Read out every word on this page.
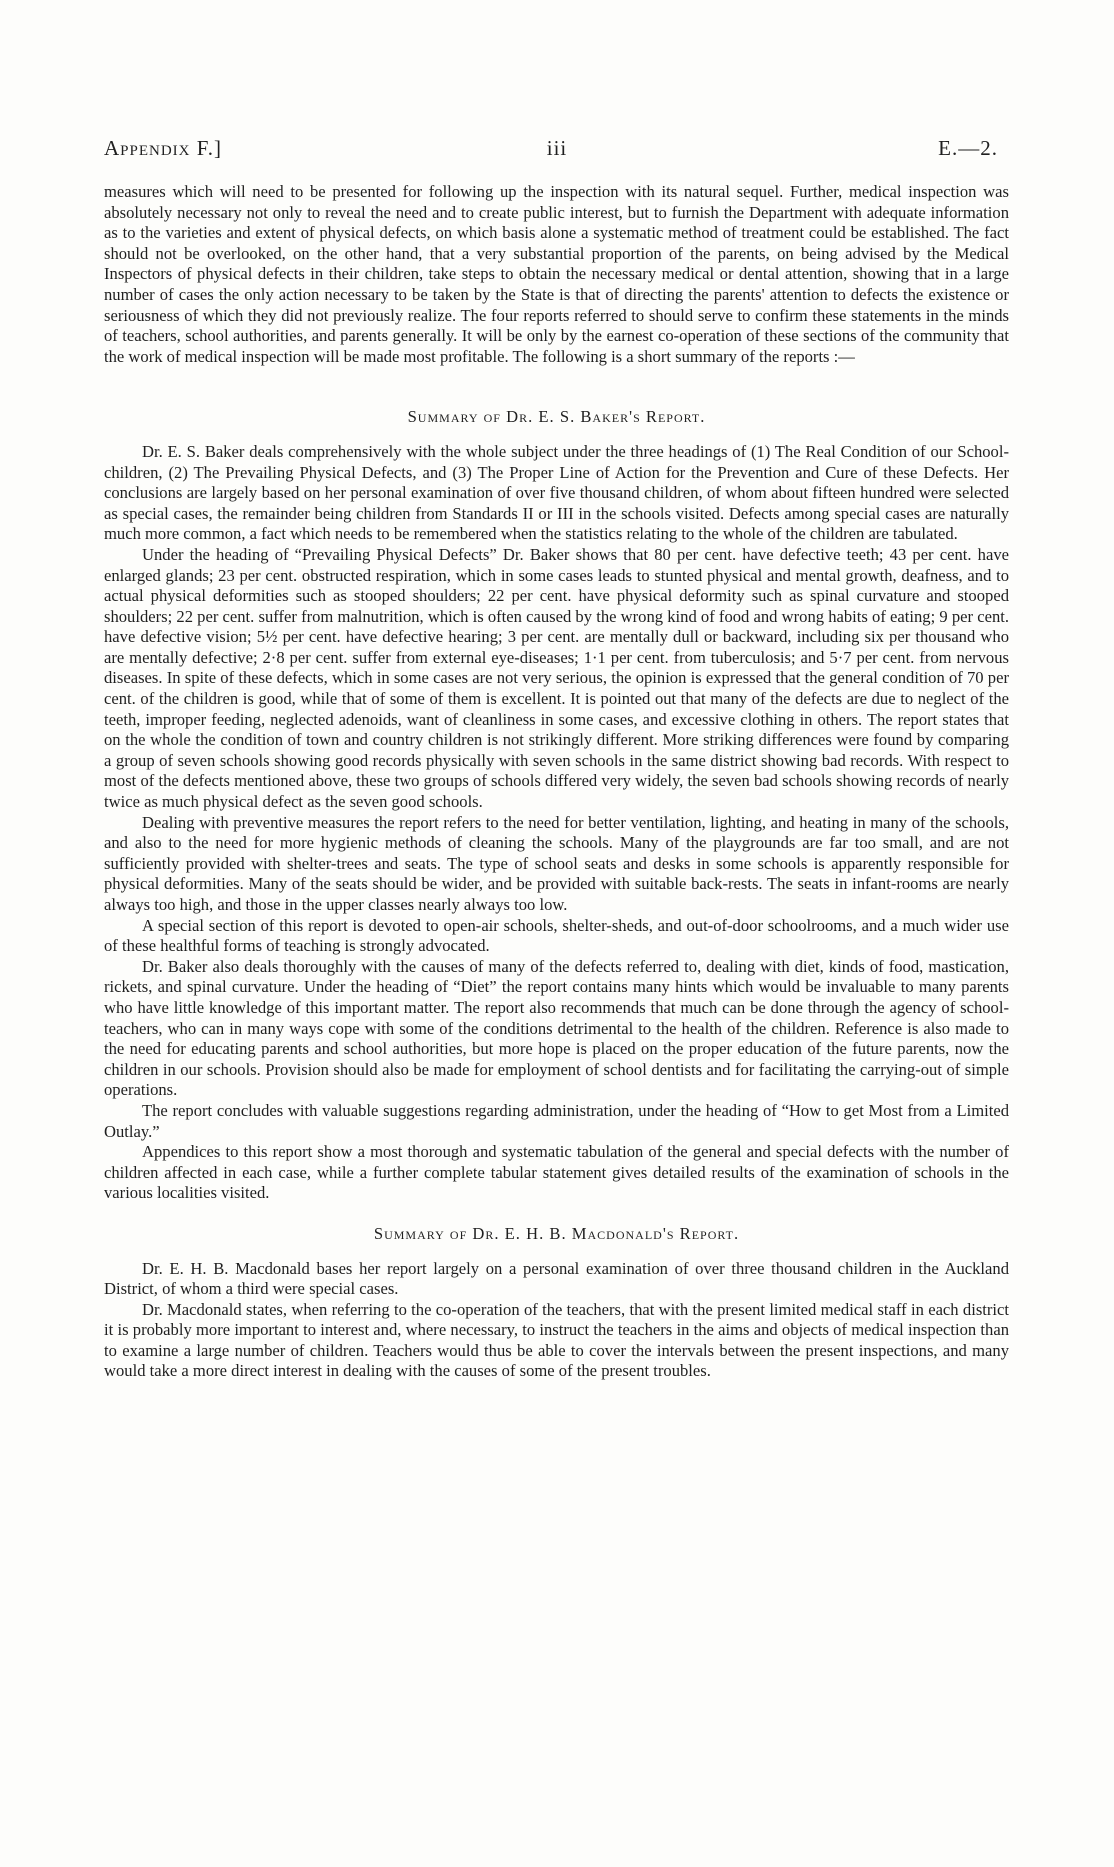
Appendix F.]	iii	E.—2.

measures which will need to be presented for following up the inspection with its natural sequel. Further, medical inspection was absolutely necessary not only to reveal the need and to create public interest, but to furnish the Department with adequate information as to the varieties and extent of physical defects, on which basis alone a systematic method of treatment could be established. The fact should not be overlooked, on the other hand, that a very substantial proportion of the parents, on being advised by the Medical Inspectors of physical defects in their children, take steps to obtain the necessary medical or dental attention, showing that in a large number of cases the only action necessary to be taken by the State is that of directing the parents' attention to defects the existence or seriousness of which they did not previously realize. The four reports referred to should serve to confirm these statements in the minds of teachers, school authorities, and parents generally. It will be only by the earnest co-operation of these sections of the community that the work of medical inspection will be made most profitable. The following is a short summary of the reports :—

Summary of Dr. E. S. Baker's Report.

Dr. E. S. Baker deals comprehensively with the whole subject under the three headings of (1) The Real Condition of our School-children, (2) The Prevailing Physical Defects, and (3) The Proper Line of Action for the Prevention and Cure of these Defects. Her conclusions are largely based on her personal examination of over five thousand children, of whom about fifteen hundred were selected as special cases, the remainder being children from Standards II or III in the schools visited. Defects among special cases are naturally much more common, a fact which needs to be remembered when the statistics relating to the whole of the children are tabulated.

Under the heading of “Prevailing Physical Defects” Dr. Baker shows that 80 per cent. have defective teeth; 43 per cent. have enlarged glands; 23 per cent. obstructed respiration, which in some cases leads to stunted physical and mental growth, deafness, and to actual physical deformities such as stooped shoulders; 22 per cent. have physical deformity such as spinal curvature and stooped shoulders; 22 per cent. suffer from malnutrition, which is often caused by the wrong kind of food and wrong habits of eating; 9 per cent. have defective vision; 5½ per cent. have defective hearing; 3 per cent. are mentally dull or backward, including six per thousand who are mentally defective; 2·8 per cent. suffer from external eye-diseases; 1·1 per cent. from tuberculosis; and 5·7 per cent. from nervous diseases. In spite of these defects, which in some cases are not very serious, the opinion is expressed that the general condition of 70 per cent. of the children is good, while that of some of them is excellent. It is pointed out that many of the defects are due to neglect of the teeth, improper feeding, neglected adenoids, want of cleanliness in some cases, and excessive clothing in others. The report states that on the whole the condition of town and country children is not strikingly different. More striking differences were found by comparing a group of seven schools showing good records physically with seven schools in the same district showing bad records. With respect to most of the defects mentioned above, these two groups of schools differed very widely, the seven bad schools showing records of nearly twice as much physical defect as the seven good schools.

Dealing with preventive measures the report refers to the need for better ventilation, lighting, and heating in many of the schools, and also to the need for more hygienic methods of cleaning the schools. Many of the playgrounds are far too small, and are not sufficiently provided with shelter-trees and seats. The type of school seats and desks in some schools is apparently responsible for physical deformities. Many of the seats should be wider, and be provided with suitable back-rests. The seats in infant-rooms are nearly always too high, and those in the upper classes nearly always too low.

A special section of this report is devoted to open-air schools, shelter-sheds, and out-of-door schoolrooms, and a much wider use of these healthful forms of teaching is strongly advocated.

Dr. Baker also deals thoroughly with the causes of many of the defects referred to, dealing with diet, kinds of food, mastication, rickets, and spinal curvature. Under the heading of “Diet” the report contains many hints which would be invaluable to many parents who have little knowledge of this important matter. The report also recommends that much can be done through the agency of school-teachers, who can in many ways cope with some of the conditions detrimental to the health of the children. Reference is also made to the need for educating parents and school authorities, but more hope is placed on the proper education of the future parents, now the children in our schools. Provision should also be made for employment of school dentists and for facilitating the carrying-out of simple operations.

The report concludes with valuable suggestions regarding administration, under the heading of “How to get Most from a Limited Outlay.”

Appendices to this report show a most thorough and systematic tabulation of the general and special defects with the number of children affected in each case, while a further complete tabular statement gives detailed results of the examination of schools in the various localities visited.

Summary of Dr. E. H. B. Macdonald's Report.

Dr. E. H. B. Macdonald bases her report largely on a personal examination of over three thousand children in the Auckland District, of whom a third were special cases.

Dr. Macdonald states, when referring to the co-operation of the teachers, that with the present limited medical staff in each district it is probably more important to interest and, where necessary, to instruct the teachers in the aims and objects of medical inspection than to examine a large number of children. Teachers would thus be able to cover the intervals between the present inspections, and many would take a more direct interest in dealing with the causes of some of the present troubles.
